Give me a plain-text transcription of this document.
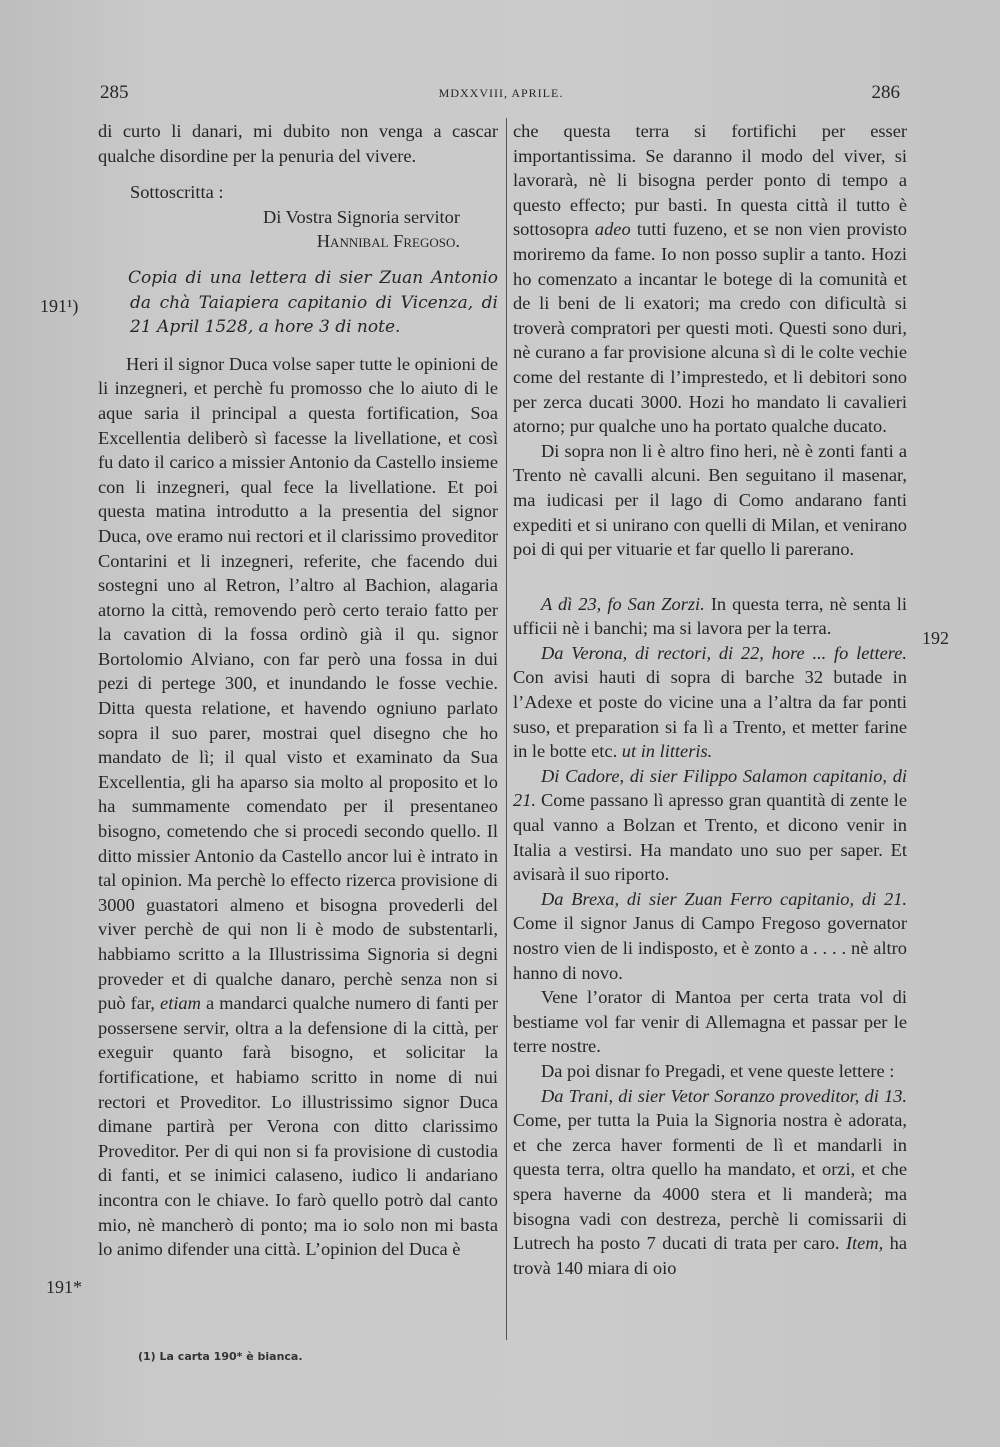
285	MDXXVIII, APRILE.	286

di curto li danari, mi dubito non venga a cascar qualche disordine per la penuria del vivere.

Sottoscritta :

Di Vostra Signoria servitor

Hannibal Fregoso.

Copia di una lettera di sier Zuan Antonio da chà Taiapiera capitanio di Vicenza, di 21 April 1528, a hore 3 di note.

Heri il signor Duca volse saper tutte le opinioni de li inzegneri, et perchè fu promosso che lo aiuto di le aque saria il principal a questa fortification, Soa Excellentia deliberò sì facesse la livellatione, et così fu dato il carico a missier Antonio da Castello insieme con li inzegneri, qual fece la livellatione. Et poi questa matina introdutto a la presentia del signor Duca, ove eramo nui rectori et il clarissimo proveditor Contarini et li inzegneri, referite, che facendo dui sostegni uno al Retron, l’altro al Bachion, alagaria atorno la città, removendo però certo teraio fatto per la cavation di la fossa ordinò già il qu. signor Bortolomio Alviano, con far però una fossa in dui pezi di pertege 300, et inundando le fosse vechie. Ditta questa relatione, et havendo ogniuno parlato sopra il suo parer, mostrai quel disegno che ho mandato de lì; il qual visto et examinato da Sua Excellentia, gli ha aparso sia molto al proposito et lo ha summamente comendato per il presentaneo bisogno, cometendo che si procedi secondo quello. Il ditto missier Antonio da Castello ancor lui è intrato in tal opinion. Ma perchè lo effecto rizerca provisione di 3000 guastatori almeno et bisogna provederli del viver perchè de qui non li è modo de substentarli, habbiamo scritto a la Illustrissima Signoria si degni proveder et di qualche danaro, perchè senza non si può far, etiam a mandarci qualche numero di fanti per possersene servir, oltra a la defensione di la città, per exeguir quanto farà bisogno, et solicitar la fortificatione, et habiamo scritto in nome di nui rectori et Proveditor. Lo illustrissimo signor Duca dimane partirà per Verona con ditto clarissimo Proveditor. Per di qui non si fa provisione di custodia di fanti, et se inimici calaseno, iudico li andariano incontra con le chiave. Io farò quello potrò dal canto mio, nè mancherò di ponto; ma io solo non mi basta lo animo difender una città. L’opinion del Duca è

che questa terra si fortifichi per esser importantissima. Se daranno il modo del viver, si lavorarà, nè li bisogna perder ponto di tempo a questo effecto; pur basti. In questa città il tutto è sottosopra adeo tutti fuzeno, et se non vien provisto moriremo da fame. Io non posso suplir a tanto. Hozi ho comenzato a incantar le botege di la comunità et de li beni de li exatori; ma credo con dificultà si troverà compratori per questi moti. Questi sono duri, nè curano a far provisione alcuna sì di le colte vechie come del restante di l’imprestedo, et li debitori sono per zerca ducati 3000. Hozi ho mandato li cavalieri atorno; pur qualche uno ha portato qualche ducato.

Di sopra non li è altro fino heri, nè è zonti fanti a Trento nè cavalli alcuni. Ben seguitano il masenar, ma iudicasi per il lago di Como andarano fanti expediti et si unirano con quelli di Milan, et venirano poi di qui per vituarie et far quello li parerano.

A dì 23, fo San Zorzi. In questa terra, nè senta li ufficii nè i banchi; ma si lavora per la terra.

Da Verona, di rectori, di 22, hore ... fo lettere. Con avisi hauti di sopra di barche 32 butade in l’Adexe et poste do vicine una a l’altra da far ponti suso, et preparation si fa lì a Trento, et metter farine in le botte etc. ut in litteris.

Di Cadore, di sier Filippo Salamon capitanio, di 21. Come passano lì apresso gran quantità di zente le qual vanno a Bolzan et Trento, et dicono venir in Italia a vestirsi. Ha mandato uno suo per saper. Et avisarà il suo riporto.

Da Brexa, di sier Zuan Ferro capitanio, di 21. Come il signor Janus di Campo Fregoso governator nostro vien de li indisposto, et è zonto a . . . . nè altro hanno di novo.

Vene l’orator di Mantoa per certa trata vol di bestiame vol far venir di Allemagna et passar per le terre nostre.

Da poi disnar fo Pregadi, et vene queste lettere :

Da Trani, di sier Vetor Soranzo proveditor, di 13. Come, per tutta la Puia la Signoria nostra è adorata, et che zerca haver formenti de lì et mandarli in questa terra, oltra quello ha mandato, et orzi, et che spera haverne da 4000 stera et li manderà; ma bisogna vadi con destreza, perchè li comissarii di Lutrech ha posto 7 ducati di trata per caro. Item, ha trovà 140 miara di oio

191¹)
191*
192
(1) La carta 190* è bianca.
